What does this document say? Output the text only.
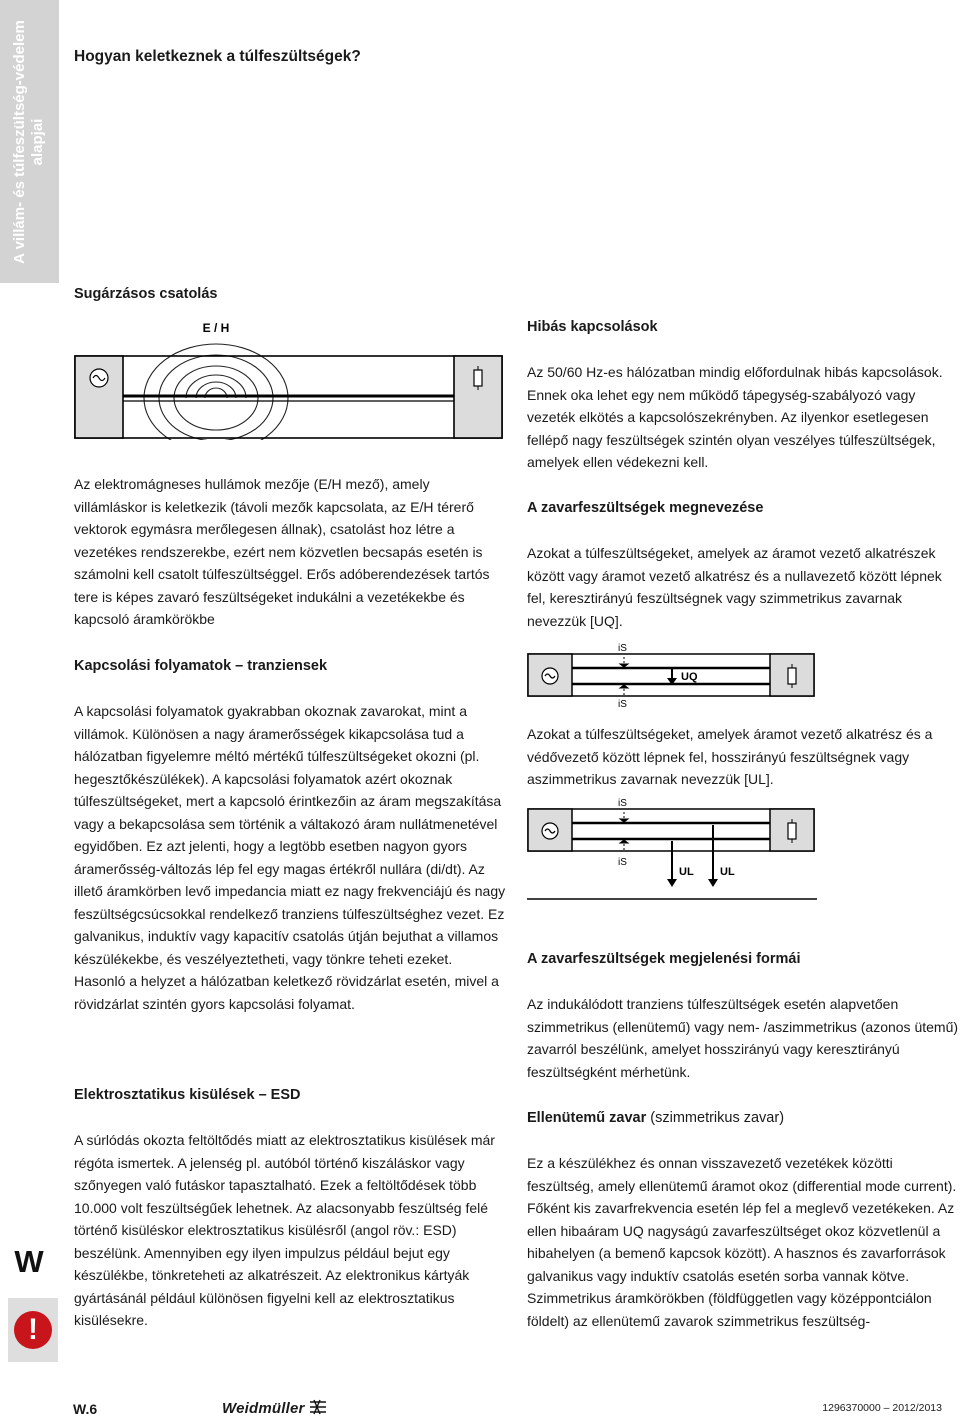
A villám- és túlfeszültség-védelem alapjai
W
!
Hogyan keletkeznek a túlfeszültségek?
Sugárzásos csatolás
E / H

Az elektromágneses hullámok mezője (E/H mező), amely villámláskor is keletkezik (távoli mezők kapcsolata, az E/H térerő vektorok egymásra merőlegesen állnak), csatolást hoz létre a vezetékes rendszerekbe, ezért nem közvetlen becsapás esetén is számolni kell csatolt túlfeszültséggel. Erős adóberendezések tartós tere is képes zavaró feszültségeket indukálni a vezetékekbe és kapcsoló áramkörökbe

Kapcsolási folyamatok – tranziensek

A kapcsolási folyamatok gyakrabban okoznak zavarokat, mint a villámok. Különösen a nagy áramerősségek kikapcsolása tud a hálózatban figyelemre méltó mértékű túlfeszültségeket okozni (pl. hegesztőkészülékek). A kapcsolási folyamatok azért okoznak túlfeszültségeket, mert a kapcsoló érintkezőin az áram megszakítása vagy a bekapcsolása sem történik a váltakozó áram nullátmenetével egyidőben. Ez azt jelenti, hogy a legtöbb esetben nagyon gyors áramerősség-változás lép fel egy magas értékről nullára (di/dt). Az illető áramkörben levő impedancia miatt ez nagy frekvenciájú és nagy feszültségcsúcsokkal rendelkező tranziens túlfeszültséghez vezet. Ez galvanikus, induktív vagy kapacitív csatolás útján bejuthat a villamos készülékekbe, és veszélyeztetheti, vagy tönkre teheti ezeket. Hasonló a helyzet a hálózatban keletkező rövidzárlat esetén, mivel a rövidzárlat szintén gyors kapcsolási folyamat.

Elektrosztatikus kisülések – ESD

A súrlódás okozta feltöltődés miatt az elektrosztatikus kisülések már régóta ismertek. A jelenség pl. autóból történő kiszáláskor vagy szőnyegen való futáskor tapasztalható. Ezek a feltöltődések több 10.000 volt feszültségűek lehetnek. Az alacsonyabb feszültség felé történő kisüléskor elektrosztatikus kisülésről (angol röv.: ESD) beszélünk. Amennyiben egy ilyen impulzus például bejut egy készülékbe, tönkreteheti az alkatrészeit. Az elektronikus kártyák gyártásánál például különösen figyelni kell az elektrosztatikus kisülésekre.

Hibás kapcsolások

Az 50/60 Hz-es hálózatban mindig előfordulnak hibás kapcsolások. Ennek oka lehet egy nem működő tápegység-szabályozó vagy vezeték elkötés a kapcsolószekrényben. Az ilyenkor esetlegesen fellépő nagy feszültségek szintén olyan veszélyes túlfeszültségek, amelyek ellen védekezni kell.

A zavarfeszültségek megnevezése

Azokat a túlfeszültségeket, amelyek az áramot vezető alkatrészek között vagy áramot vezető alkatrész és a nullavezető között lépnek fel, keresztirányú feszültségnek vagy szimmetrikus zavarnak nevezzük [UQ].

iS
iS
UQ

Azokat a túlfeszültségeket, amelyek áramot vezető alkatrész és a védővezető között lépnek fel, hosszirányú feszültségnek vagy aszimmetrikus zavarnak nevezzük [UL].

iS
iS
UL UL
A zavarfeszültségek megjelenési formái

Az indukálódott tranziens túlfeszültségek esetén alapvetően szimmetrikus (ellenütemű) vagy nem- /aszimmetrikus (azonos ütemű) zavarról beszélünk, amelyet hosszirányú vagy keresztirányú feszültségként mérhetünk.

Ellenütemű zavar (szimmetrikus zavar)

Ez a készülékhez és onnan visszavezető vezetékek közötti feszültség, amely ellenütemű áramot okoz (differential mode current). Főként kis zavarfrekvencia esetén lép fel a meglevő vezetékeken. Az ellen hibaáram UQ nagyságú zavarfeszültséget okoz közvetlenül a hibahelyen (a bemenő kapcsok között). A hasznos és zavarforrások galvanikus vagy induktív csatolás esetén sorba vannak kötve. Szimmetrikus áramkörökben (földfüggetlen vagy középpontciálon földelt) az ellenütemű zavarok szimmetrikus feszültség-

W.6	Weidmüller	1296370000 – 2012/2013
